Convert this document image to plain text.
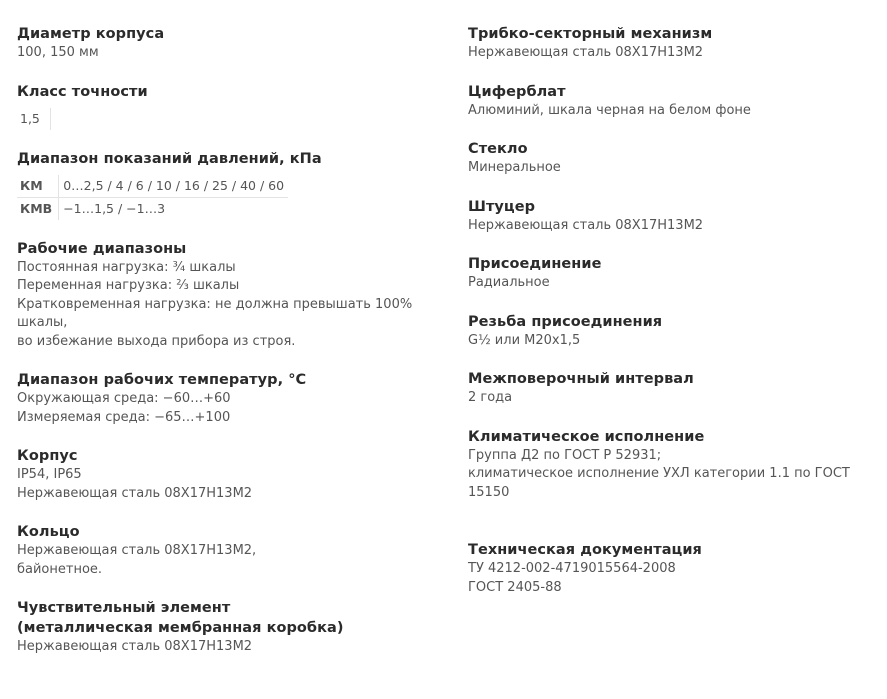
Диаметр корпуса
100, 150 мм
Класс точности
1,5
Диапазон показаний давлений, кПа
КМ	0…2,5 / 4 / 6 / 10 / 16 / 25 / 40 / 60
КМВ	−1…1,5 / −1…3
Рабочие диапазоны
Постоянная нагрузка: ¾ шкалы
Переменная нагрузка: ⅔ шкалы
Кратковременная нагрузка: не должна превышать 100% шкалы,
во избежание выхода прибора из строя.
Диапазон рабочих температур, °С
Окружающая среда: −60…+60
Измеряемая среда: −65…+100
Корпус
IP54, IP65
Нержавеющая сталь 08Х17Н13М2
Кольцо
Нержавеющая сталь 08Х17Н13М2,
байонетное.
Чувствительный элемент
(металлическая мембранная коробка)
Нержавеющая сталь 08Х17Н13М2
Трибко-секторный механизм
Нержавеющая сталь 08Х17Н13М2
Циферблат
Алюминий, шкала черная на белом фоне
Стекло
Минеральное
Штуцер
Нержавеющая сталь 08Х17Н13М2
Присоединение
Радиальное
Резьба присоединения
G½ или М20х1,5
Межповерочный интервал
2 года
Климатическое исполнение
Группа Д2 по ГОСТ Р 52931;
климатическое исполнение УХЛ категории 1.1 по ГОСТ 15150
Техническая документация
ТУ 4212-002-4719015564-2008
ГОСТ 2405-88
